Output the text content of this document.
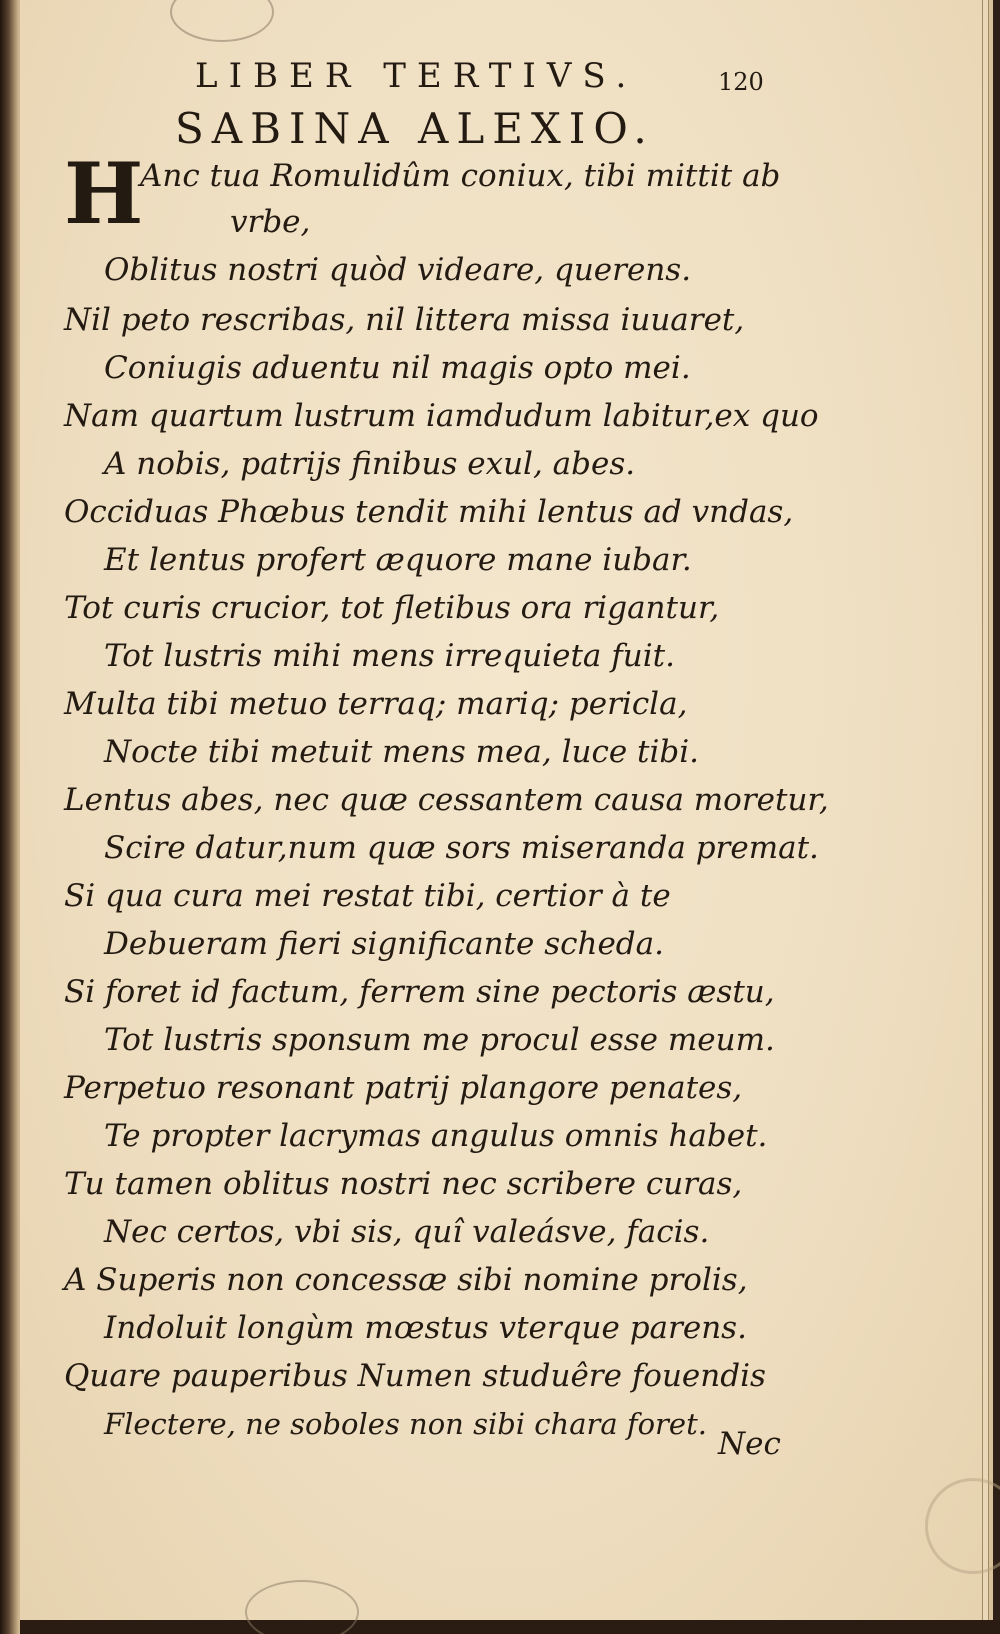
LIBER TERTIVS.	120
SABINA ALEXIO.
H
Anc tua Romulidûm coniux, tibi mittit ab
vrbe,
Oblitus nostri quòd videare, querens.
Nil peto rescribas, nil littera missa iuuaret,
Coniugis aduentu nil magis opto mei.
Nam quartum lustrum iamdudum labitur,ex quo
A nobis, patrijs finibus exul, abes.
Occiduas Phœbus tendit mihi lentus ad vndas,
Et lentus profert æquore mane iubar.
Tot curis crucior, tot fletibus ora rigantur,
Tot lustris mihi mens irrequieta fuit.
Multa tibi metuo terraq; mariq; pericla,
Nocte tibi metuit mens mea, luce tibi.
Lentus abes, nec quæ cessantem causa moretur,
Scire datur,num quæ sors miseranda premat.
Si qua cura mei restat tibi, certior à te
Debueram fieri significante scheda.
Si foret id factum, ferrem sine pectoris æstu,
Tot lustris sponsum me procul esse meum.
Perpetuo resonant patrij plangore penates,
Te propter lacrymas angulus omnis habet.
Tu tamen oblitus nostri nec scribere curas,
Nec certos, vbi sis, quî valeásve, facis.
A Superis non concessæ sibi nomine prolis,
Indoluit longùm mœstus vterque parens.
Quare pauperibus Numen studuêre fouendis
Flectere, ne soboles non sibi chara foret.
Nec
